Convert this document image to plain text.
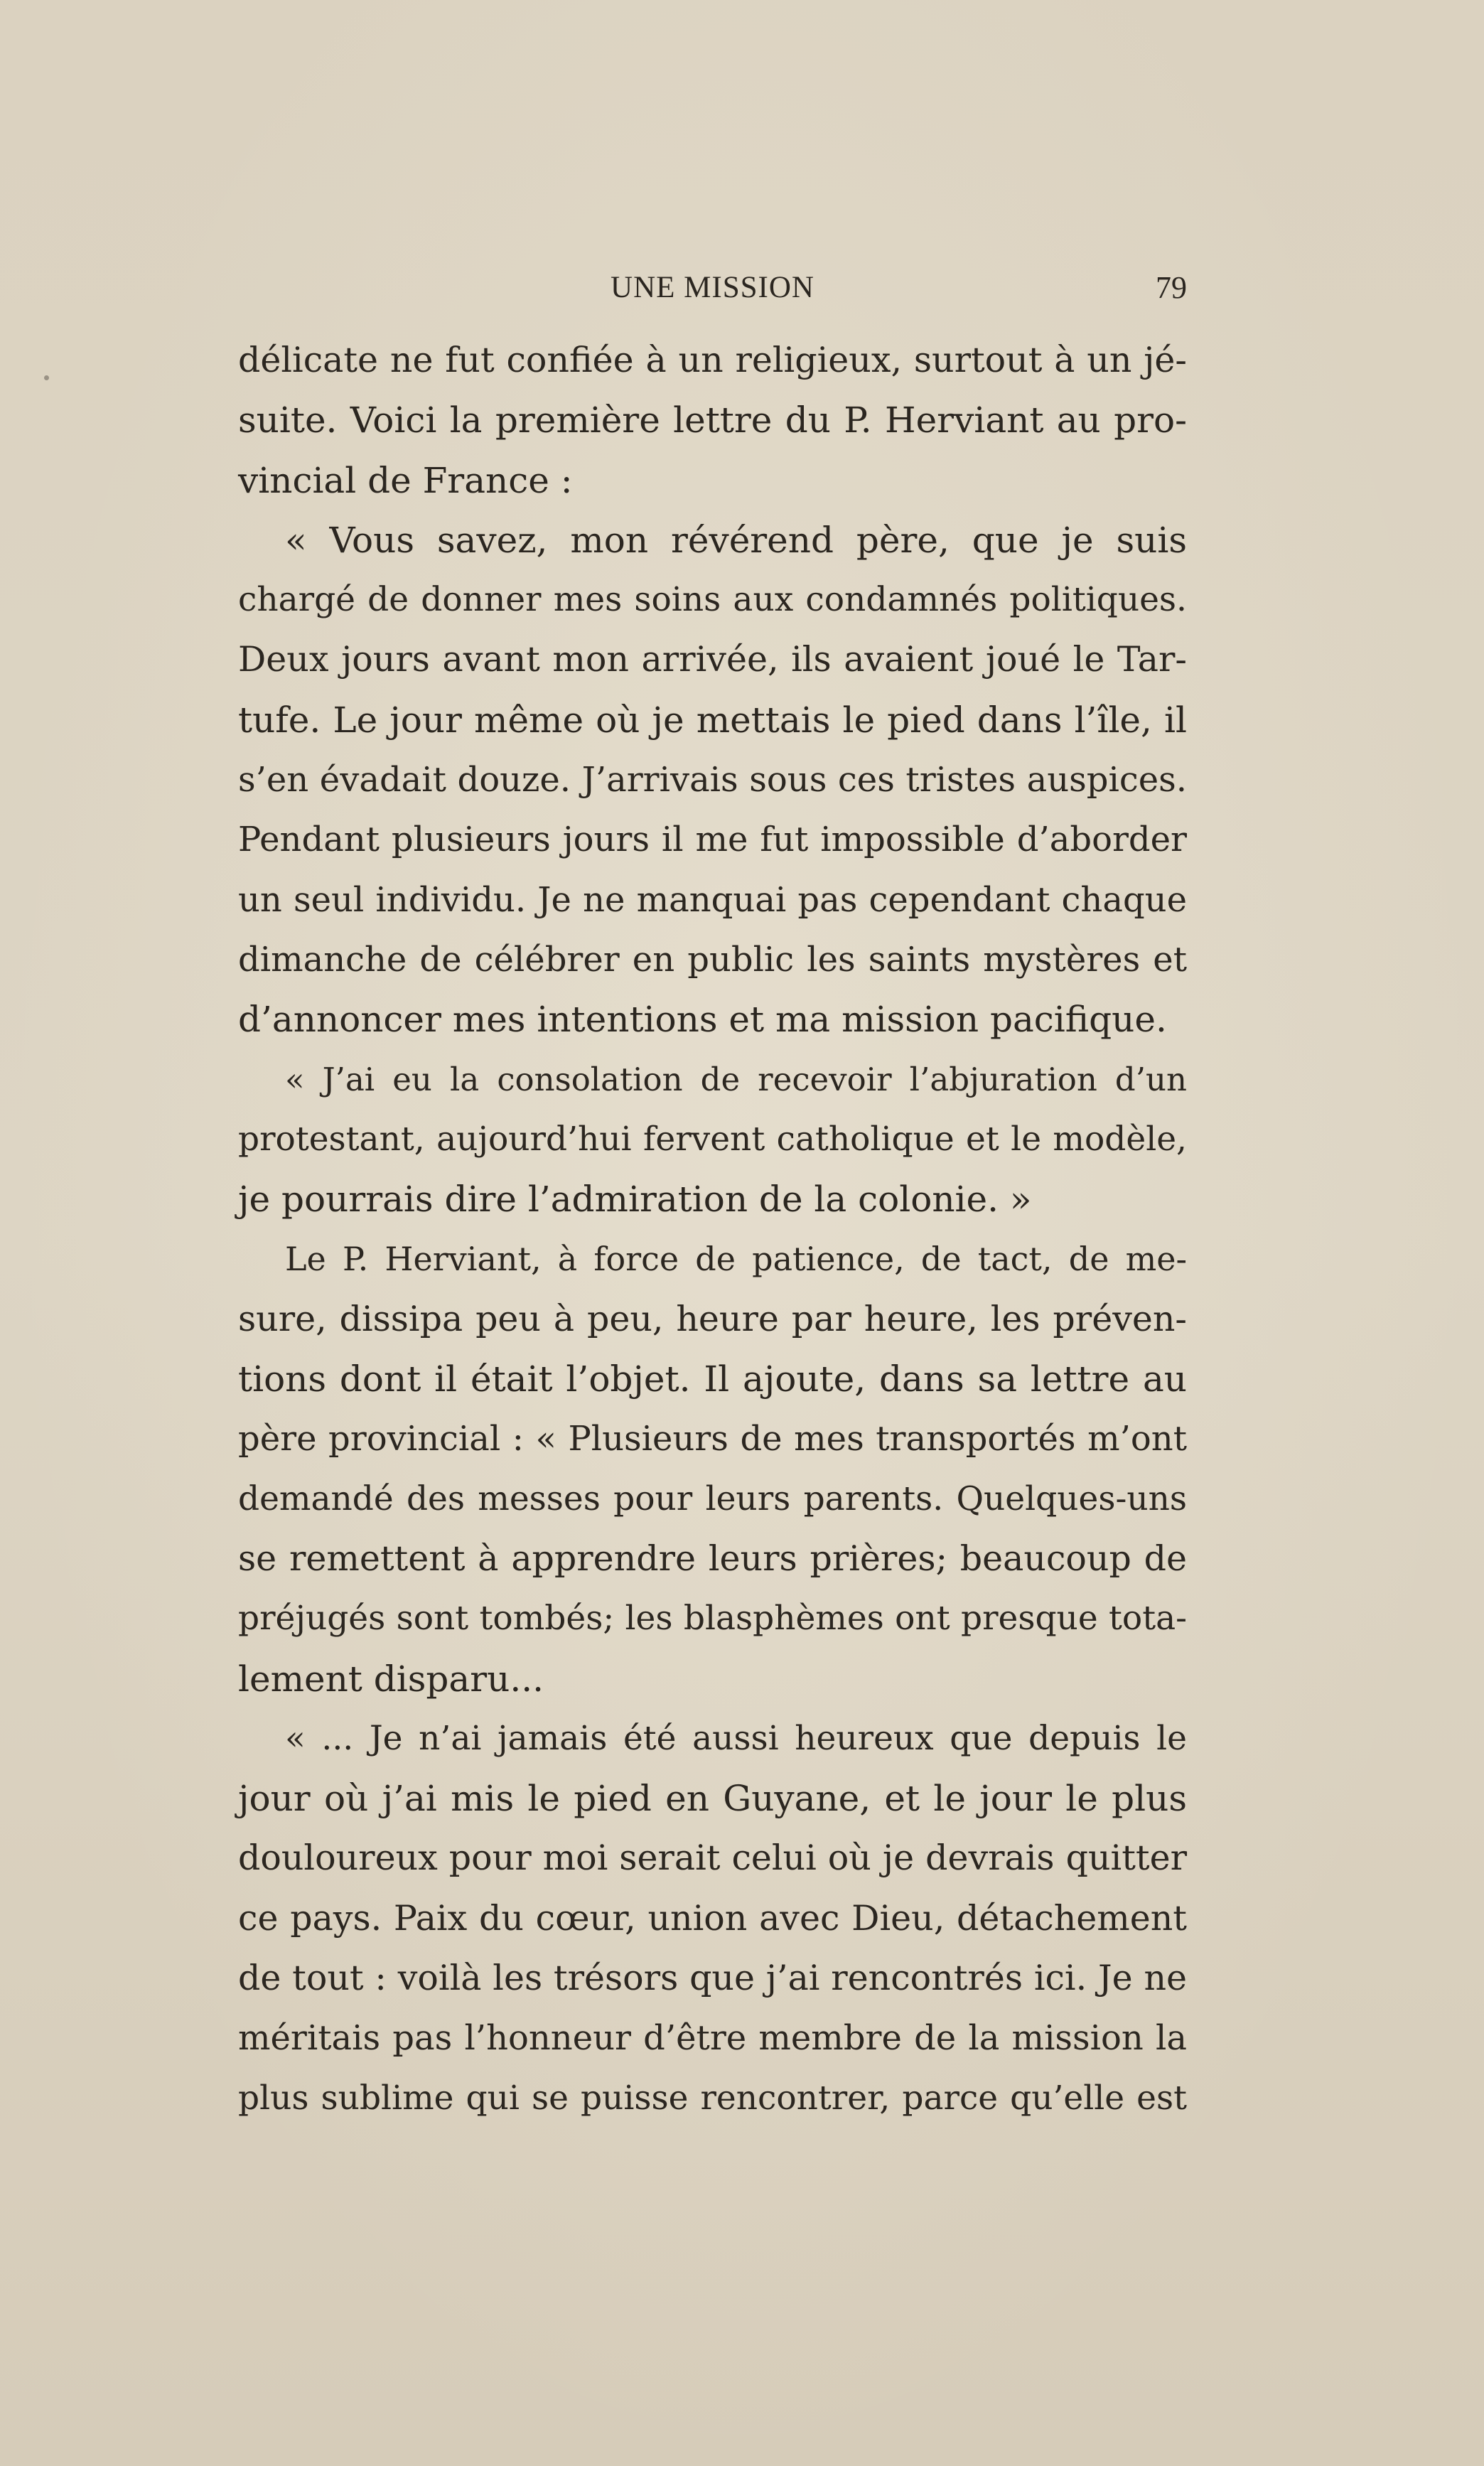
UNE MISSION	79
délicate ne fut confiée à un religieux, surtout à un jé-
suite. Voici la première lettre du P. Herviant au pro-
vincial de France :
« Vous savez, mon révérend père, que je suis
chargé de donner mes soins aux condamnés politiques.
Deux jours avant mon arrivée, ils avaient joué le Tar-
tufe. Le jour même où je mettais le pied dans l’île, il
s’en évadait douze. J’arrivais sous ces tristes auspices.
Pendant plusieurs jours il me fut impossible d’aborder
un seul individu. Je ne manquai pas cependant chaque
dimanche de célébrer en public les saints mystères et
d’annoncer mes intentions et ma mission pacifique.
« J’ai eu la consolation de recevoir l’abjuration d’un
protestant, aujourd’hui fervent catholique et le modèle,
je pourrais dire l’admiration de la colonie. »
Le P. Herviant, à force de patience, de tact, de me-
sure, dissipa peu à peu, heure par heure, les préven-
tions dont il était l’objet. Il ajoute, dans sa lettre au
père provincial : « Plusieurs de mes transportés m’ont
demandé des messes pour leurs parents. Quelques-uns
se remettent à apprendre leurs prières; beaucoup de
préjugés sont tombés; les blasphèmes ont presque tota-
lement disparu...
« ... Je n’ai jamais été aussi heureux que depuis le
jour où j’ai mis le pied en Guyane, et le jour le plus
douloureux pour moi serait celui où je devrais quitter
ce pays. Paix du cœur, union avec Dieu, détachement
de tout : voilà les trésors que j’ai rencontrés ici. Je ne
méritais pas l’honneur d’être membre de la mission la
plus sublime qui se puisse rencontrer, parce qu’elle est
